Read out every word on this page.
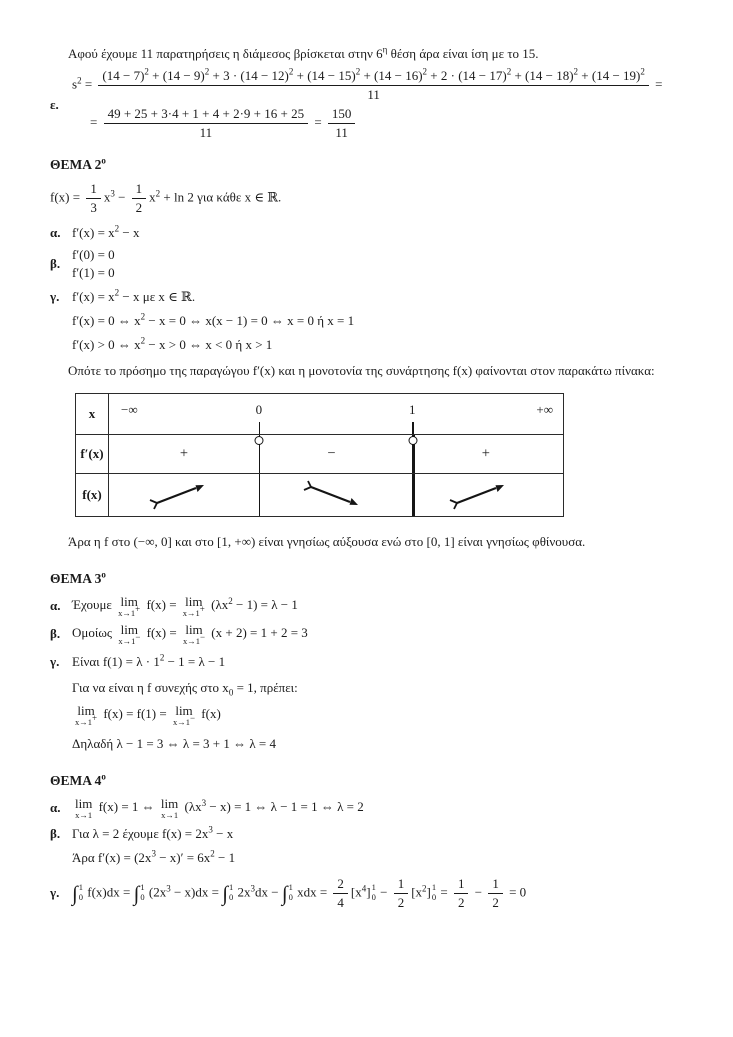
Αφού έχουμε 11 παρατηρήσεις η διάμεσος βρίσκεται στην $6^\eta$ θέση άρα είναι ίση με το 15.

ε.
$s^2$ =
$(14 - 7)^2 + (14 - 9)^2 + 3 \cdot (14 - 12)^2 + (14 - 15)^2 + (14 - 16)^2 + 2 \cdot (14 - 17)^2 + (14 - 18)^2 + (14 - 19)^2$
11
=
= $\frac{49 + 25 + 3\cdot 4 + 1 + 4 + 2\cdot 9 + 16 + 25}{11} = \frac{150}{11}$
ΘΕΜΑ $2^o$
$f(x) = \frac{1}{3} x^3 - \frac{1}{2} x^2 + \ln 2$ για κάθε x ∈ ℝ.
α. $f'(x) = x^2 - x$
β.
f′(0) = 0
f′(1) = 0
γ. $f'(x) = x^2 - x$ με x ∈ ℝ.
f′(x) = 0 ⇔ $x^2 - x = 0$ ⇔ x(x − 1) = 0 ⇔ x = 0 ή x = 1
f′(x) > 0 ⇔ $x^2 - x > 0$ ⇔ x < 0 ή x > 1

Οπότε το πρόσημο της παραγώγου f′(x) και η μονοτονία της συνάρτησης f(x) φαίνονται στον παρακάτω πίνακα:

x	−∞	0	1	+∞
f′(x)	+	−	+
f(x)

Άρα η f στο (−∞, 0] και στο [1, +∞) είναι γνησίως αύξουσα ενώ στο [0, 1] είναι γνησίως φθίνουσα.

ΘΕΜΑ $3^o$
α. Έχουμε lim
x→1+ f(x) = lim
x→1+ $(\lambda x^2 - 1) = \lambda - 1$
β. Ομοίως lim
x→1− f(x) = lim
x→1− (x + 2) = 1 + 2 = 3
γ. Είναι $f(1) = \lambda \cdot 1^2 - 1 = \lambda - 1$

Για να είναι η f συνεχής στο $x_0 = 1$, πρέπει:

lim
x→1+ f(x) = f(1) = lim
x→1− f(x)
Δηλαδή λ − 1 = 3 ⇔ λ = 3 + 1 ⇔ λ = 4
ΘΕΜΑ $4^o$
α.	lim
x→1
f(x) = 1 ⇔ lim
x→1
$(\lambda x^3 - x) = 1$ ⇔ λ − 1 = 1 ⇔ λ = 2
β. Για λ = 2 έχουμε $f(x) = 2x^3 - x$
Άρα $f'(x) = (2x^3 - x)' = 6x^2 - 1$
γ. ∫ 1
0 f(x)dx = ∫ 1
0 $(2x^3 - x)dx$ = ∫ 1
0 $2x^3dx$ − ∫ 1
0 xdx = $\frac{2}{4} [x^4]$ 1
$0 - \frac{1}{2} [x^2]$ 1
$0 = \frac{1}{2} - \frac{1}{2} = 0$
